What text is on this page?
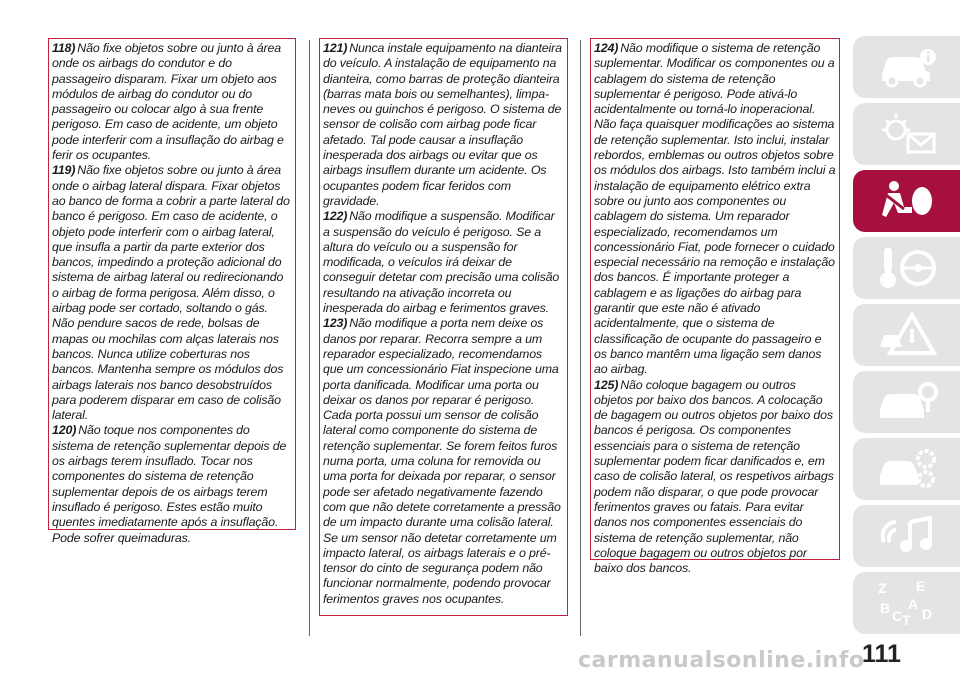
118) Não fixe objetos sobre ou junto à área onde os airbags do condutor e do passageiro disparam. Fixar um objeto aos módulos de airbag do condutor ou do passageiro ou colocar algo à sua frente perigoso. Em caso de acidente, um objeto pode interferir com a insuflação do airbag e ferir os ocupantes.

119) Não fixe objetos sobre ou junto à área onde o airbag lateral dispara. Fixar objetos ao banco de forma a cobrir a parte lateral do banco é perigoso. Em caso de acidente, o objeto pode interferir com o airbag lateral, que insufla a partir da parte exterior dos bancos, impedindo a proteção adicional do sistema de airbag lateral ou redirecionando o airbag de forma perigosa. Além disso, o airbag pode ser cortado, soltando o gás. Não pendure sacos de rede, bolsas de mapas ou mochilas com alças laterais nos bancos. Nunca utilize coberturas nos bancos. Mantenha sempre os módulos dos airbags laterais nos banco desobstruídos para poderem disparar em caso de colisão lateral.

120) Não toque nos componentes do sistema de retenção suplementar depois de os airbags terem insuflado. Tocar nos componentes do sistema de retenção suplementar depois de os airbags terem insuflado é perigoso. Estes estão muito quentes imediatamente após a insuflação. Pode sofrer queimaduras.

121) Nunca instale equipamento na dianteira do veículo. A instalação de equipamento na dianteira, como barras de proteção dianteira (barras mata bois ou semelhantes), limpa-neves ou guinchos é perigoso. O sistema de sensor de colisão com airbag pode ficar afetado. Tal pode causar a insuflação inesperada dos airbags ou evitar que os airbags insuflem durante um acidente. Os ocupantes podem ficar feridos com gravidade.

122) Não modifique a suspensão. Modificar a suspensão do veículo é perigoso. Se a altura do veículo ou a suspensão for modificada, o veículos irá deixar de conseguir detetar com precisão uma colisão resultando na ativação incorreta ou inesperada do airbag e ferimentos graves.

123) Não modifique a porta nem deixe os danos por reparar. Recorra sempre a um reparador especializado, recomendamos que um concessionário Fiat inspecione uma porta danificada. Modificar uma porta ou deixar os danos por reparar é perigoso. Cada porta possui um sensor de colisão lateral como componente do sistema de retenção suplementar. Se forem feitos furos numa porta, uma coluna for removida ou uma porta for deixada por reparar, o sensor pode ser afetado negativamente fazendo com que não detete corretamente a pressão de um impacto durante uma colisão lateral. Se um sensor não detetar corretamente um impacto lateral, os airbags laterais e o pré-tensor do cinto de segurança podem não funcionar normalmente, podendo provocar ferimentos graves nos ocupantes.

124) Não modifique o sistema de retenção suplementar. Modificar os componentes ou a cablagem do sistema de retenção suplementar é perigoso. Pode ativá-lo acidentalmente ou torná-lo inoperacional. Não faça quaisquer modificações ao sistema de retenção suplementar. Isto inclui, instalar rebordos, emblemas ou outros objetos sobre os módulos dos airbags. Isto também inclui a instalação de equipamento elétrico extra sobre ou junto aos componentes ou cablagem do sistema. Um reparador especializado, recomendamos um concessionário Fiat, pode fornecer o cuidado especial necessário na remoção e instalação dos bancos. É importante proteger a cablagem e as ligações do airbag para garantir que este não é ativado acidentalmente, que o sistema de classificação de ocupante do passageiro e os banco mantêm uma ligação sem danos ao airbag.

125) Não coloque bagagem ou outros objetos por baixo dos bancos. A colocação de bagagem ou outros objetos por baixo dos bancos é perigosa. Os componentes essenciais para o sistema de retenção suplementar podem ficar danificados e, em caso de colisão lateral, os respetivos airbags podem não disparar, o que pode provocar ferimentos graves ou fatais. Para evitar danos nos componentes essenciais do sistema de retenção suplementar, não coloque bagagem ou outros objetos por baixo dos bancos.

Z E B A CT D
111
carmanualsonline.info
